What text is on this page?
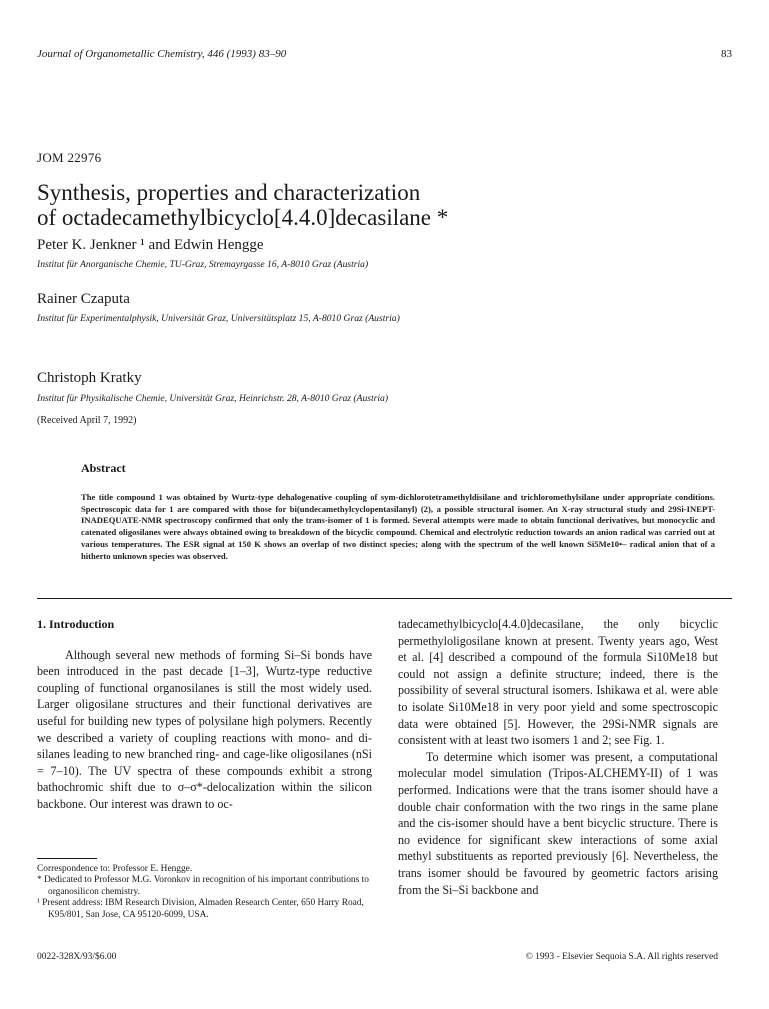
Journal of Organometallic Chemistry, 446 (1993) 83–90	83
JOM 22976
Synthesis, properties and characterization
of octadecamethylbicyclo[4.4.0]decasilane *
Peter K. Jenkner ¹ and Edwin Hengge
Institut für Anorganische Chemie, TU-Graz, Stremayrgasse 16, A-8010 Graz (Austria)
Rainer Czaputa
Institut für Experimentalphysik, Universität Graz, Universitätsplatz 15, A-8010 Graz (Austria)
Christoph Kratky
Institut für Physikalische Chemie, Universität Graz, Heinrichstr. 28, A-8010 Graz (Austria)
(Received April 7, 1992)
Abstract
The title compound 1 was obtained by Wurtz-type dehalogenative coupling of sym-dichlorotetramethyldisilane and trichloromethylsilane under appropriate conditions. Spectroscopic data for 1 are compared with those for bi(undecamethylcyclopentasilanyl) (2), a possible structural isomer. An X-ray structural study and 29Si-INEPT-INADEQUATE-NMR spectroscopy confirmed that only the trans-isomer of 1 is formed. Several attempts were made to obtain functional derivatives, but monocyclic and catenated oligosilanes were always obtained owing to breakdown of the bicyclic compound. Chemical and electrolytic reduction towards an anion radical was carried out at various temperatures. The ESR signal at 150 K shows an overlap of two distinct species; along with the spectrum of the well known Si5Me10•– radical anion that of a hitherto unknown species was observed.
1. Introduction
Although several new methods of forming Si–Si bonds have been introduced in the past decade [1–3], Wurtz-type reductive coupling of functional organosilanes is still the most widely used. Larger oligosilane structures and their functional derivatives are useful for building new types of polysilane high polymers. Recently we described a variety of coupling reactions with mono- and di-silanes leading to new branched ring- and cage-like oligosilanes (nSi = 7–10). The UV spectra of these compounds exhibit a strong bathochromic shift due to σ–σ*-delocalization within the silicon backbone. Our interest was drawn to oc-
tadecamethylbicyclo[4.4.0]decasilane, the only bicyclic permethyloligosilane known at present. Twenty years ago, West et al. [4] described a compound of the formula Si10Me18 but could not assign a definite structure; indeed, there is the possibility of several structural isomers. Ishikawa et al. were able to isolate Si10Me18 in very poor yield and some spectroscopic data were obtained [5]. However, the 29Si-NMR signals are consistent with at least two isomers 1 and 2; see Fig. 1.
To determine which isomer was present, a computational molecular model simulation (Tripos-ALCHEMY-II) of 1 was performed. Indications were that the trans isomer should have a double chair conformation with the two rings in the same plane and the cis-isomer should have a bent bicyclic structure. There is no evidence for significant skew interactions of some axial methyl substituents as reported previously [6]. Nevertheless, the trans isomer should be favoured by geometric factors arising from the Si–Si backbone and
Correspondence to: Professor E. Hengge.
* Dedicated to Professor M.G. Voronkov in recognition of his important contributions to organosilicon chemistry.
¹ Present address: IBM Research Division, Almaden Research Center, 650 Harry Road, K95/801, San Jose, CA 95120-6099, USA.
0022-328X/93/$6.00	© 1993 - Elsevier Sequoia S.A. All rights reserved
